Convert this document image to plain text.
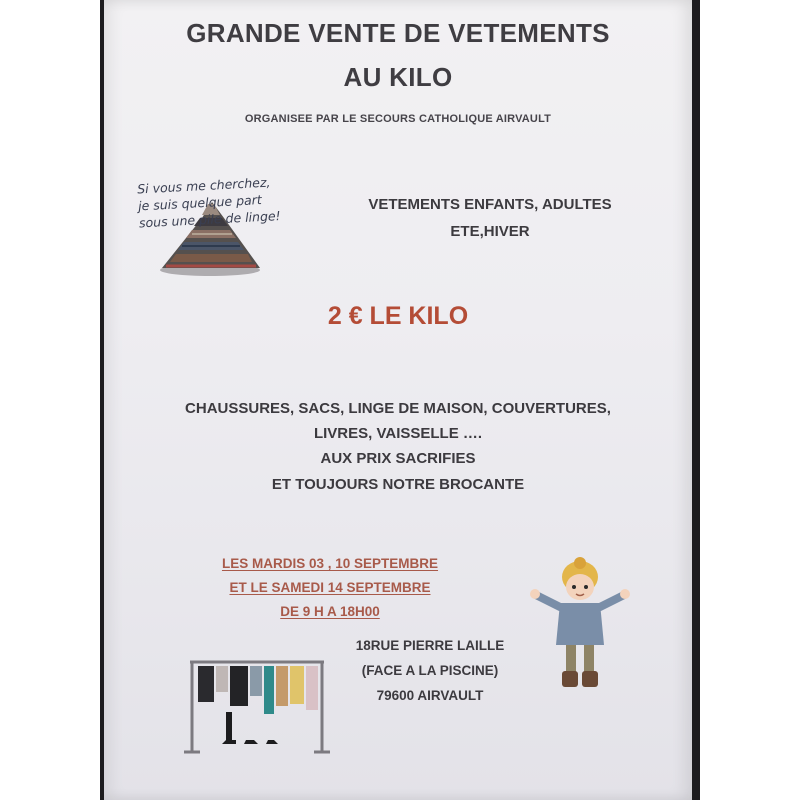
GRANDE VENTE DE VETEMENTS

AU KILO

ORGANISEE PAR LE SECOURS CATHOLIQUE AIRVAULT

Si vous me cherchez,
je suis quelque part
sous une pile de linge!

VETEMENTS ENFANTS, ADULTES

ETE,HIVER

2 € LE KILO

CHAUSSURES, SACS, LINGE DE MAISON, COUVERTURES,

LIVRES, VAISSELLE ….

AUX PRIX SACRIFIES

ET TOUJOURS NOTRE BROCANTE

LES MARDIS 03 , 10 SEPTEMBRE

ET LE SAMEDI 14 SEPTEMBRE

DE 9 H A 18H00

18RUE PIERRE LAILLE

(FACE A LA PISCINE)

79600 AIRVAULT
